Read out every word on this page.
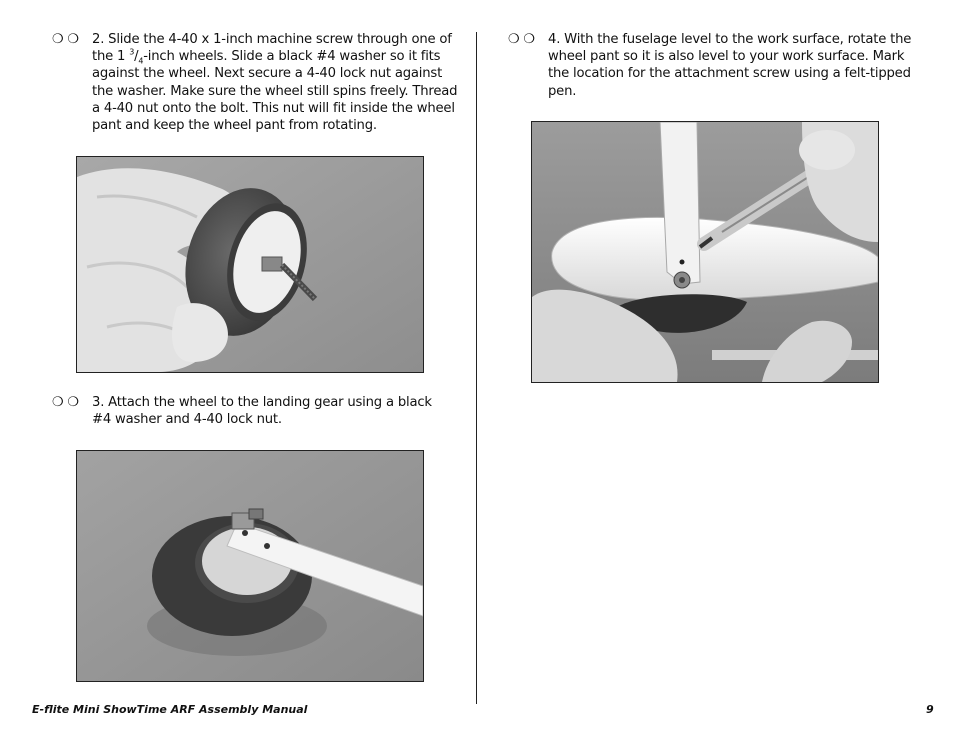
❍ ❍ 2. Slide the 4-40 x 1-inch machine screw through one of
the 1 $^3/_4$-inch wheels. Slide a black #4 washer so it fits
against the wheel. Next secure a 4-40 lock nut against
the washer. Make sure the wheel still spins freely. Thread
a 4-40 nut onto the bolt. This nut will fit inside the wheel
pant and keep the wheel pant from rotating.
❍ ❍ 3. Attach the wheel to the landing gear using a black
#4 washer and 4-40 lock nut.
❍ ❍ 4. With the fuselage level to the work surface, rotate the
wheel pant so it is also level to your work surface. Mark
the location for the attachment screw using a felt-tipped
pen.
E-flite Mini ShowTime ARF Assembly Manual	9
